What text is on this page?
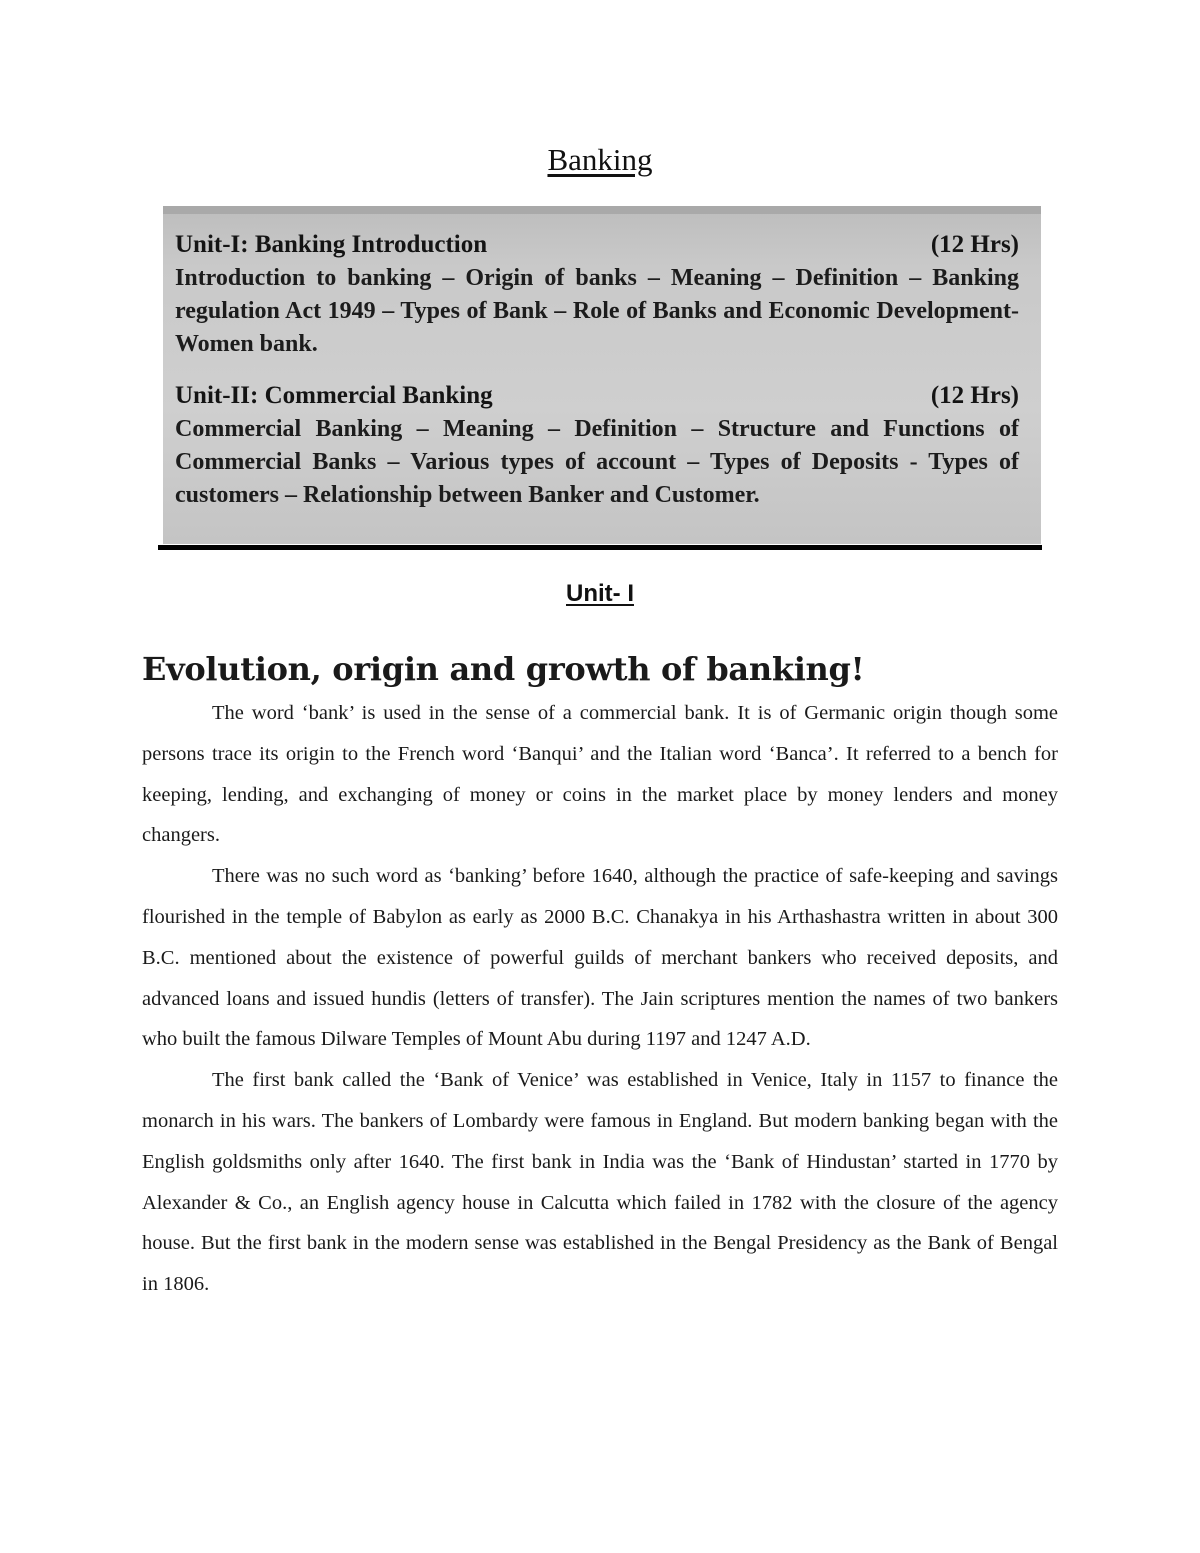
Banking
Unit-I: Banking Introduction	(12 Hrs)
Introduction to banking – Origin of banks – Meaning – Definition – Banking regulation Act 1949 – Types of Bank – Role of Banks and Economic Development- Women bank.
Unit-II: Commercial Banking	(12 Hrs)
Commercial Banking – Meaning – Definition – Structure and Functions of Commercial Banks – Various types of account – Types of Deposits - Types of customers – Relationship between Banker and Customer.
Unit- I
Evolution, origin and growth of banking!

The word ‘bank’ is used in the sense of a commercial bank. It is of Germanic origin though some persons trace its origin to the French word ‘Banqui’ and the Italian word ‘Banca’. It referred to a bench for keeping, lending, and exchanging of money or coins in the market place by money lenders and money changers.

There was no such word as ‘banking’ before 1640, although the practice of safe-keeping and savings flourished in the temple of Babylon as early as 2000 B.C. Chanakya in his Arthashastra written in about 300 B.C. mentioned about the existence of powerful guilds of merchant bankers who received deposits, and advanced loans and issued hundis (letters of transfer). The Jain scriptures mention the names of two bankers who built the famous Dilware Temples of Mount Abu during 1197 and 1247 A.D.

The first bank called the ‘Bank of Venice’ was established in Venice, Italy in 1157 to finance the monarch in his wars. The bankers of Lombardy were famous in England. But modern banking began with the English goldsmiths only after 1640. The first bank in India was the ‘Bank of Hindustan’ started in 1770 by Alexander & Co., an English agency house in Calcutta which failed in 1782 with the closure of the agency house. But the first bank in the modern sense was established in the Bengal Presidency as the Bank of Bengal in 1806.
